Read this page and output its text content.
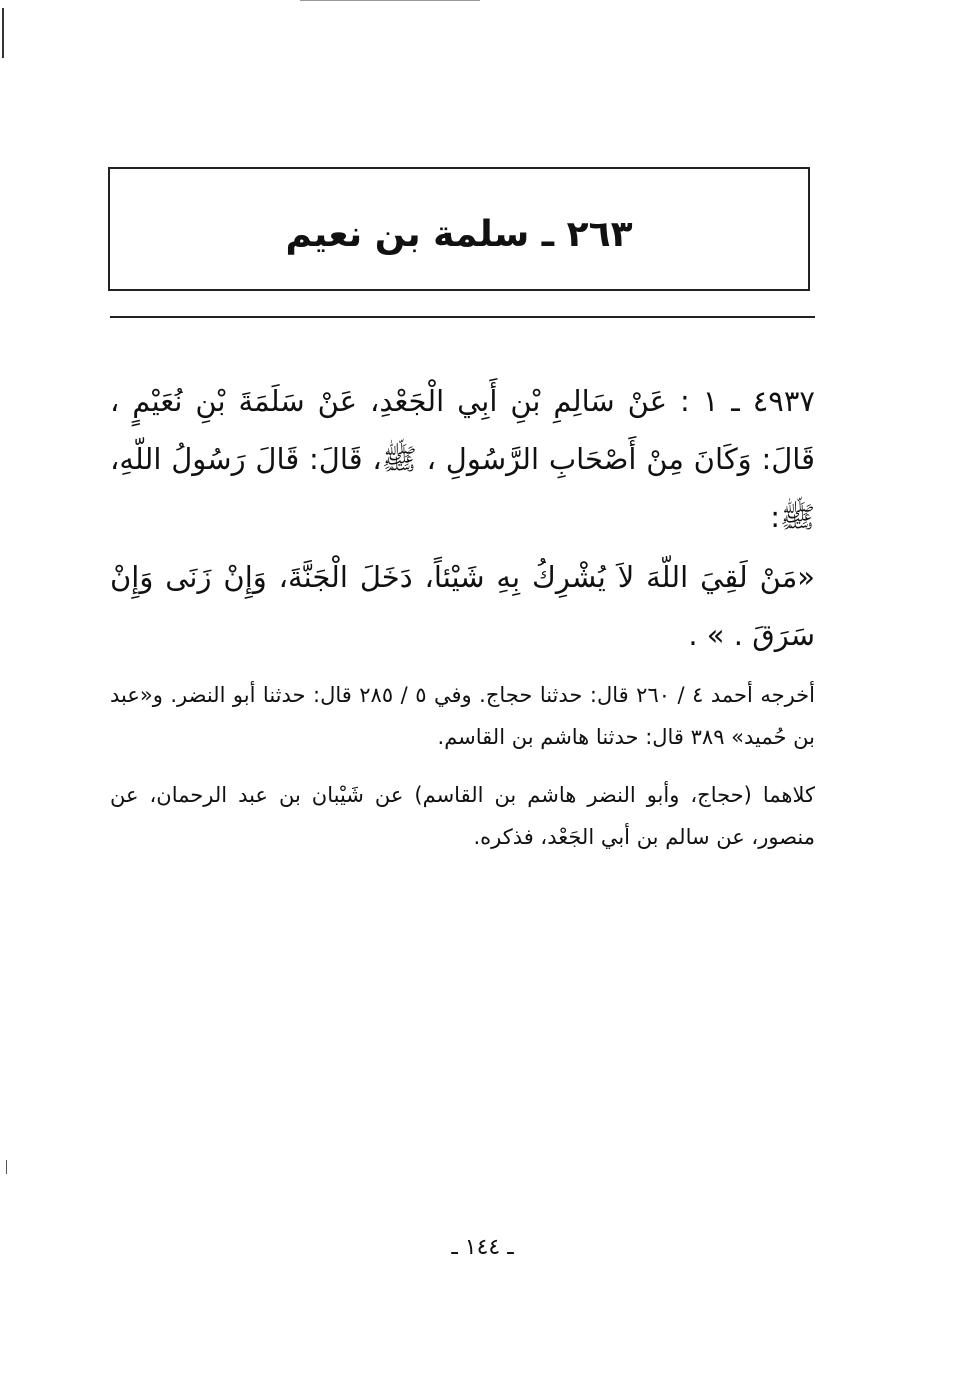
٢٦٣ ـ سلمة بن نعيم
٤٩٣٧ ـ ١ : عَنْ سَالِمِ بْنِ أَبِي الْجَعْدِ، عَنْ سَلَمَةَ بْنِ نُعَيْمٍ ، قَالَ: وَكَانَ مِنْ أَصْحَابِ الرَّسُولِ ، ﷺ، قَالَ: قَالَ رَسُولُ اللّهِ، ﷺ:
«مَنْ لَقِيَ اللّهَ لاَ يُشْرِكُ بِهِ شَيْئاً، دَخَلَ الْجَنَّةَ، وَإِنْ زَنَى وَإِنْ سَرَقَ . » .
أخرجه أحمد ٤ / ٢٦٠ قال: حدثنا حجاج. وفي ٥ / ٢٨٥ قال: حدثنا أبو النضر. و«عبد بن حُميد» ٣٨٩ قال: حدثنا هاشم بن القاسم.
كلاهما (حجاج، وأبو النضر هاشم بن القاسم) عن شَيْبان بن عبد الرحمان، عن منصور، عن سالم بن أبي الجَعْد، فذكره.
ـ ١٤٤ ـ
